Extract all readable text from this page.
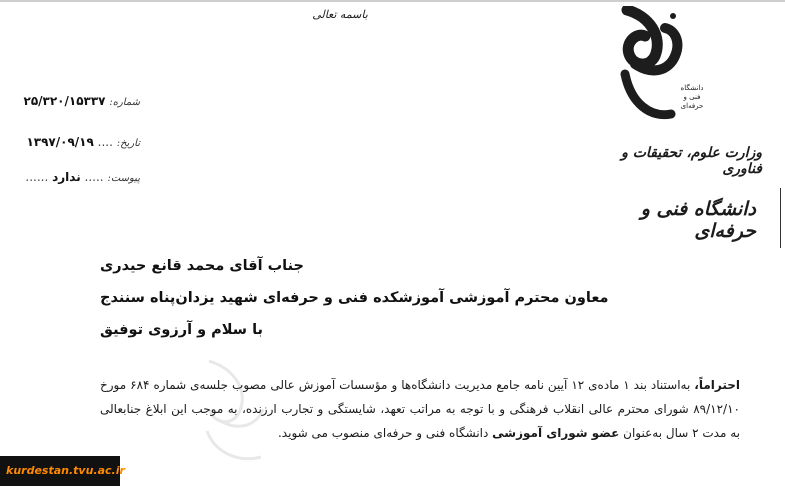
باسمه تعالی
شماره: ۲۵/۳۲۰/۱۵۳۳۷
تاریخ: .... ۱۳۹۷/۰۹/۱۹
پیوست: ..... ندارد ......
دانشگاه
فنی و حرفه‌ای
وزارت علوم، تحقیقات و فناوری
دانشگاه فنی و حرفه‌ای
جناب آقای محمد قانع حیدری
معاون محترم آموزشی آموزشکده فنی و حرفه‌ای شهید یزدان‌پناه سنندج
با سلام و آرزوی توفیق
احتراماً، به‌استناد بند ۱ ماده‌ی ۱۲ آیین نامه جامع مدیریت دانشگاه‌ها و مؤسسات آموزش عالی مصوب جلسه‌ی شماره ۶۸۴ مورخ ۸۹/۱۲/۱۰ شورای محترم عالی انقلاب فرهنگی و با توجه به مراتب تعهد، شایستگی و تجارب ارزنده، به موجب این ابلاغ جنابعالی به مدت ۲ سال به‌عنوان عضو شورای آموزشی دانشگاه فنی و حرفه‌ای منصوب می شوید.
kurdestan.tvu.ac.ir
